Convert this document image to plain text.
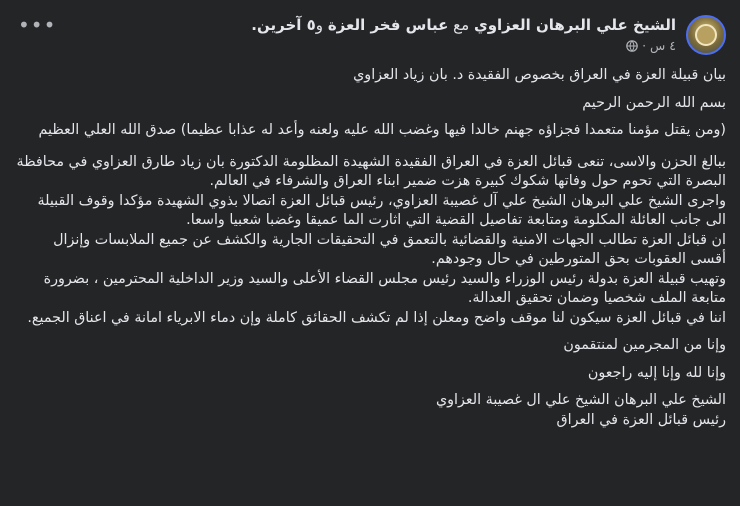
الشيخ علي البرهان العزاوي مع عباس فخر العزة و٥ آخرين.
٤ س ·
•••

بيان قبيلة العزة في العراق بخصوص الفقيدة د. بان زياد العزاوي

بسم الله الرحمن الرحيم

(ومن يقتل مؤمنا متعمدا فجزاؤه جهنم خالدا فيها وغضب الله عليه ولعنه وأعد له عذابا عظيما) صدق الله العلي العظيم

ببالغ الحزن والاسى، تنعى قبائل العزة في العراق الفقيدة الشهيدة المظلومة الدكتورة بان زياد طارق العزاوي في محافظة البصرة التي تحوم حول وفاتها شكوك كبيرة هزت ضمير ابناء العراق والشرفاء في العالم.

واجرى الشيخ علي البرهان الشيخ علي آل غصيبة العزاوي، رئيس قبائل العزة اتصالا بذوي الشهيدة مؤكدا وقوف القبيلة الى جانب العائلة المكلومة ومتابعة تفاصيل القضية التي اثارت الما عميقا وغضبا شعبيا واسعا.

ان قبائل العزة تطالب الجهات الامنية والقضائية بالتعمق في التحقيقات الجارية والكشف عن جميع الملابسات وإنزال أقسى العقوبات بحق المتورطين في حال وجودهم.

وتهيب قبيلة العزة بدولة رئيس الوزراء والسيد رئيس مجلس القضاء الأعلى والسيد وزير الداخلية المحترمين ، بضرورة متابعة الملف شخصيا وضمان تحقيق العدالة.

اننا في قبائل العزة سيكون لنا موقف واضح ومعلن إذا لم تكشف الحقائق كاملة وإن دماء الابرياء امانة في اعناق الجميع.

وإنا من المجرمين لمنتقمون

وإنا لله وإنا إليه راجعون

الشيخ علي البرهان الشيخ علي ال غصيبة العزاوي

رئيس قبائل العزة في العراق
